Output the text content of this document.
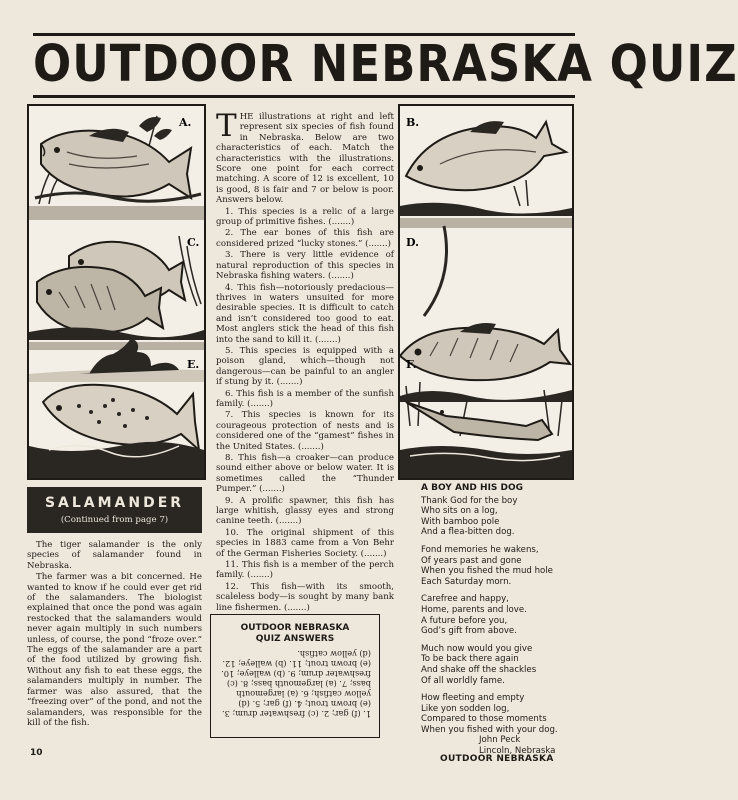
OUTDOOR NEBRASKA QUIZ
A.
C.
E.

THE illustrations at right and left represent six species of fish found in Nebraska. Below are two characteristics of each. Match the characteristics with the illustrations. Score one point for each correct matching. A score of 12 is excellent, 10 is good, 8 is fair and 7 or below is poor. Answers below.

1. This species is a relic of a large group of primitive fishes. (.......)

2. The ear bones of this fish are considered prized “lucky stones.” (.......)

3. There is very little evidence of natural reproduction of this species in Nebraska fishing waters. (.......)

4. This fish—notoriously predacious—thrives in waters unsuited for more desirable species. It is difficult to catch and isn’t considered too good to eat. Most anglers stick the head of this fish into the sand to kill it. (.......)

5. This species is equipped with a poison gland, which—though not dangerous—can be painful to an angler if stung by it. (.......)

6. This fish is a member of the sunfish family. (.......)

7. This species is known for its courageous protection of nests and is considered one of the “gamest” fishes in the United States. (.......)

8. This fish—a croaker—can produce sound either above or below water. It is sometimes called the “Thunder Pumper.” (.......)

9. A prolific spawner, this fish has large whitish, glassy eyes and strong canine teeth. (.......)

10. The original shipment of this species in 1883 came from a Von Behr of the German Fisheries Society. (.......)

11. This fish is a member of the perch family. (.......)

12. This fish—with its smooth, scaleless body—is sought by many bank line fishermen. (.......)

B.
D.
F.
SALAMANDER
(Continued from page 7)

The tiger salamander is the only species of salamander found in Nebraska.

The farmer was a bit concerned. He wanted to know if he could ever get rid of the salamanders. The biologist explained that once the pond was again restocked that the salamanders would never again multiply in such numbers unless, of course, the pond “froze over.” The eggs of the salamander are a part of the food utilized by growing fish. Without any fish to eat these eggs, the salamanders multiply in number. The farmer was also assured, that the “freezing over” of the pond, and not the salamanders, was responsible for the kill of the fish.

OUTDOOR NEBRASKA
QUIZ ANSWERS
1. (f) gar; 2. (c) freshwater drum; 3. (e) brown trout; 4. (f) gar; 5. (d) yellow catfish; 6. (a) largemouth bass; 7. (a) largemouth bass; 8. (c) freshwater drum; 9. (b) walleye; 10. (e) brown trout; 11. (b) walleye; 12. (d) yellow catfish.
A BOY AND HIS DOG
Thank God for the boy
Who sits on a log,
With bamboo pole
And a flea-bitten dog.
Fond memories he wakens,
Of years past and gone
When you fished the mud hole
Each Saturday morn.
Carefree and happy,
Home, parents and love.
A future before you,
God’s gift from above.
Much now would you give
To be back there again
And shake off the shackles
Of all worldly fame.
How fleeting and empty
Like yon sodden log,
Compared to those moments
When you fished with your dog.
John Peck
Lincoln, Nebraska
10
OUTDOOR NEBRASKA
